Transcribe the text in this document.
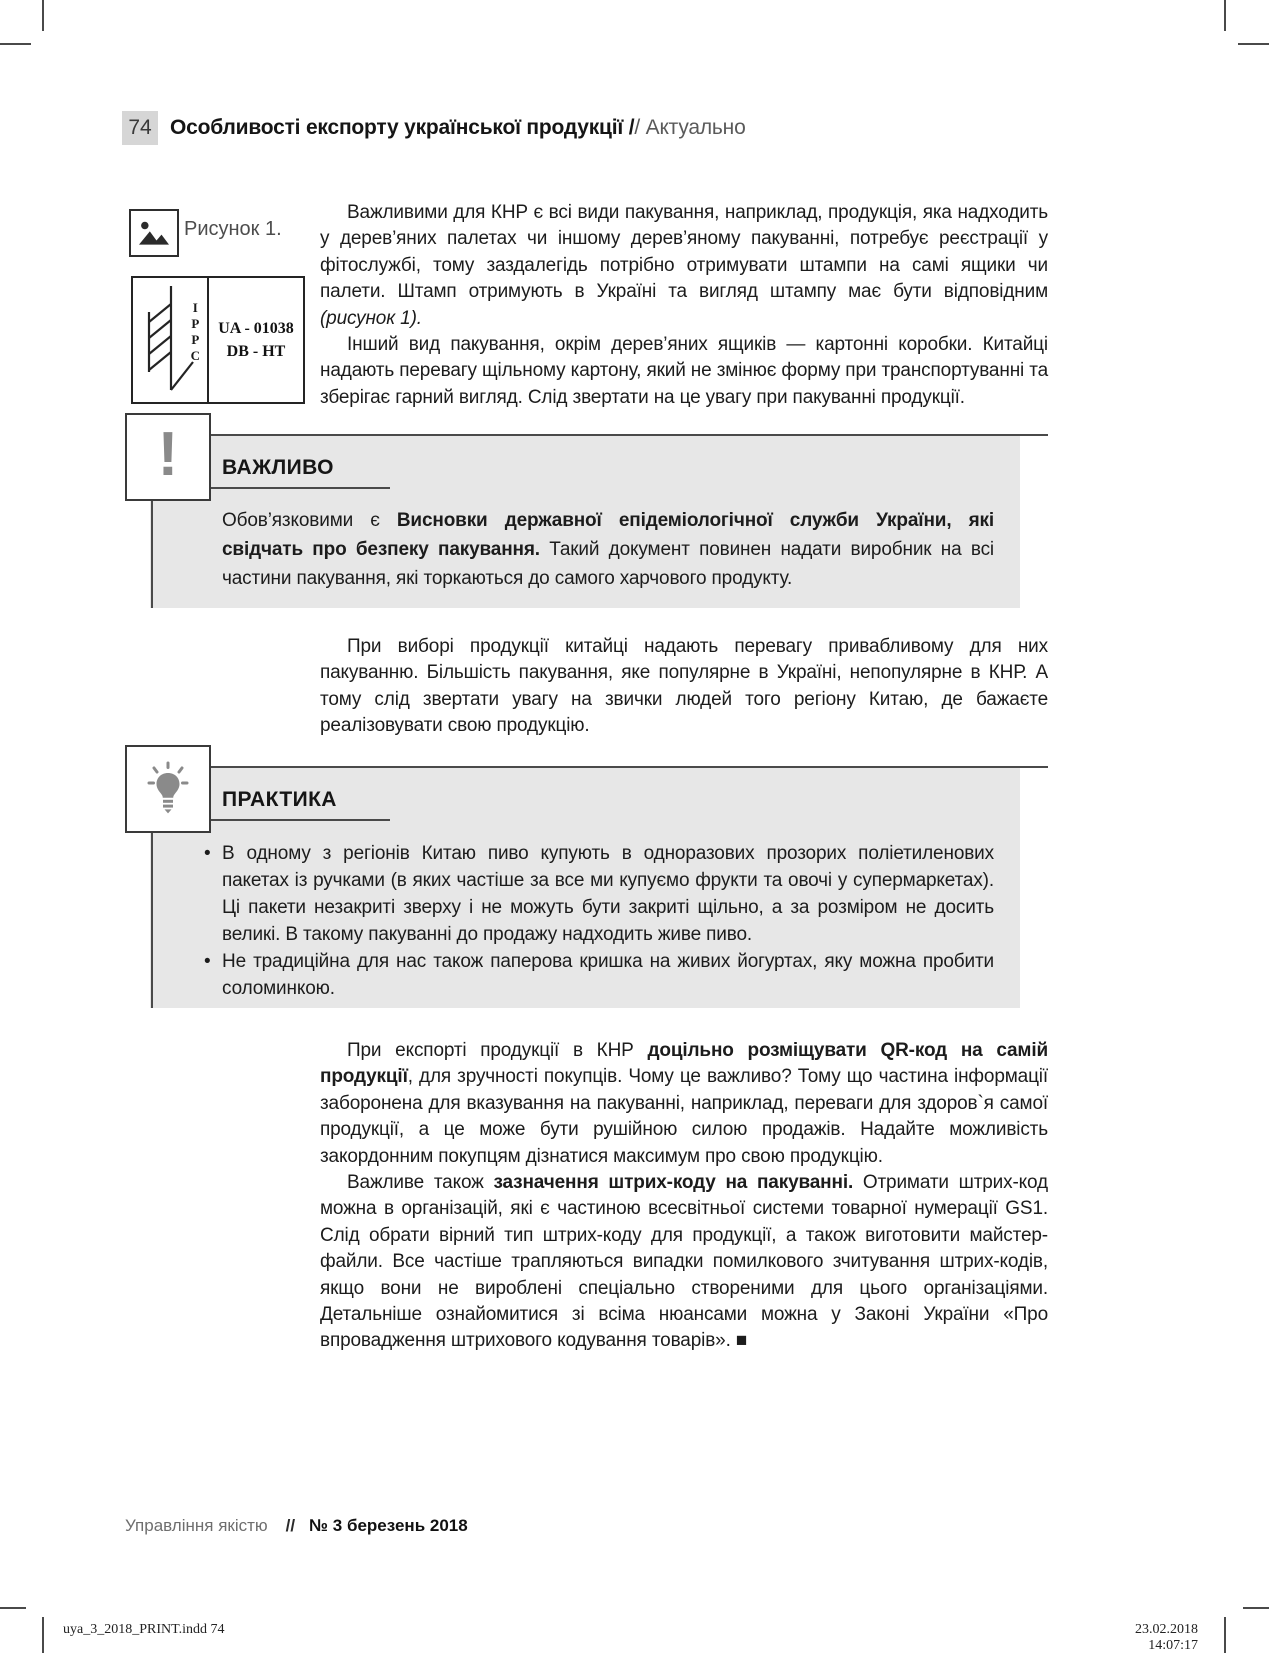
74 Особливості експорту української продукції // Актуально
Рисунок 1.
I
P
P
C
UA - 01038
DB - HT

Важливими для КНР є всі види пакування, наприклад, продукція, яка надходить у дерев’яних палетах чи іншому дерев’яному пакуванні, потребує реєстрації у фітослужбі, тому заздалегідь потрібно отримувати штампи на самі ящики чи палети. Штамп отримують в Україні та вигляд штампу має бути відповідним (рисунок 1).

Інший вид пакування, окрім дерев’яних ящиків — картонні коробки. Китайці надають перевагу щільному картону, який не змінює форму при транспортуванні та зберігає гарний вигляд. Слід звертати на це увагу при пакуванні продукції.

! ВАЖЛИВО

Обов’язковими є Висновки державної епідеміологічної служби України, які свідчать про безпеку пакування. Такий документ повинен надати виробник на всі частини пакування, які торкаються до самого харчового продукту.

При виборі продукції китайці надають перевагу привабливому для них пакуванню. Більшість пакування, яке популярне в Україні, непопулярне в КНР. А тому слід звертати увагу на звички людей того регіону Китаю, де бажаєте реалізовувати свою продукцію.

ПРАКТИКА
• В одному з регіонів Китаю пиво купують в одноразових прозорих поліетиленових пакетах із ручками (в яких частіше за все ми купуємо фрукти та овочі у супермаркетах). Ці пакети незакриті зверху і не можуть бути закриті щільно, а за розміром не досить великі. В такому пакуванні до продажу надходить живе пиво.
• Не традиційна для нас також паперова кришка на живих йогуртах, яку можна пробити соломинкою.

При експорті продукції в КНР доцільно розміщувати QR-код на самій продукції, для зручності покупців. Чому це важливо? Тому що частина інформації заборонена для вказування на пакуванні, наприклад, переваги для здоров`я самої продукції, а це може бути рушійною силою продажів. Надайте можливість закордонним покупцям дізнатися максимум про свою продукцію.

Важливе також зазначення штрих-коду на пакуванні. Отримати штрих-код можна в організацій, які є частиною всесвітньої системи товарної нумерації GS1. Слід обрати вірний тип штрих-коду для продукції, а також виготовити майстер-файли. Все частіше трапляються випадки помилкового зчитування штрих-кодів, якщо вони не вироблені спеціально створеними для цього організаціями. Детальніше ознайомитися зі всіма нюансами можна у Законі України «Про впровадження штрихового кодування товарів». ■

Управління якістю // № 3 березень 2018
uya_3_2018_PRINT.indd 74	23.02.2018 14:07:17
